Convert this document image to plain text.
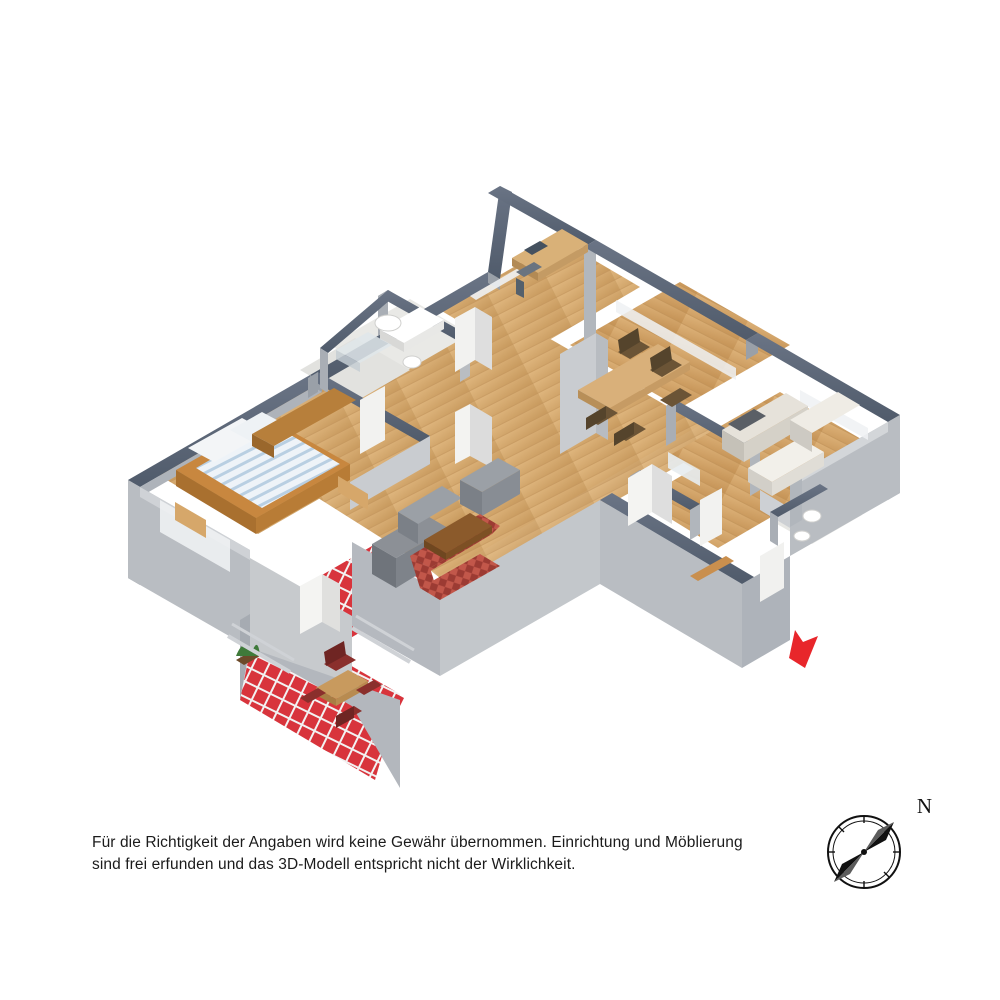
Für die Richtigkeit der Angaben wird keine Gewähr übernommen. Einrichtung und Möblierung
sind frei erfunden und das 3D-Modell entspricht nicht der Wirklichkeit.
N
